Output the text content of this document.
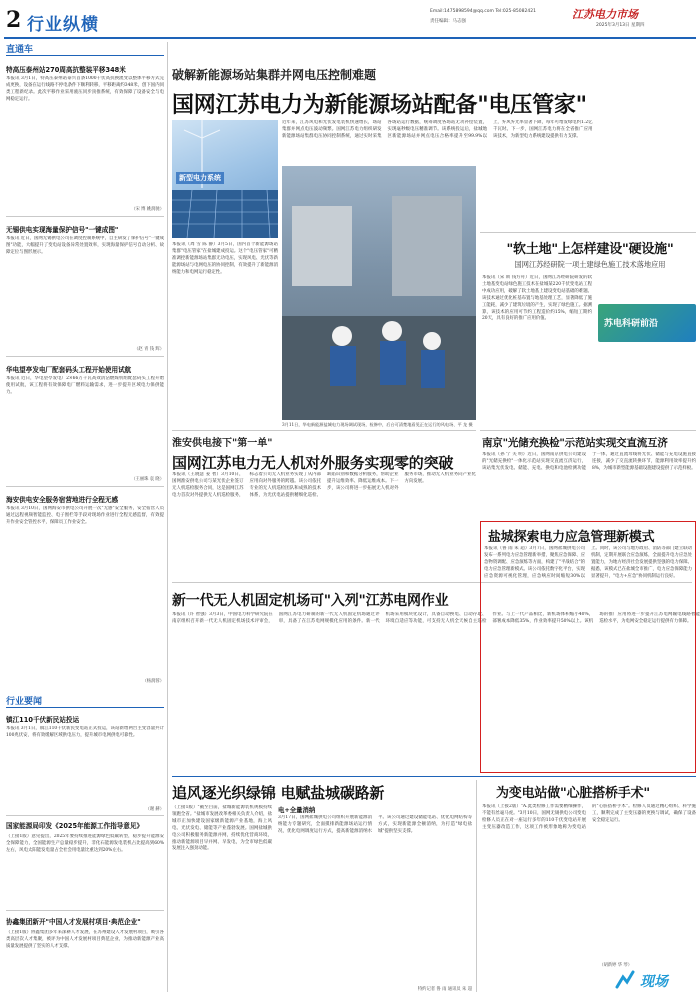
2 行业纵横
Email:1475898594@qq.com Tel:025-85082421
责任编辑：马志强
江苏电力市场
2025年3月13日 星期四
直通车
特高压泰州站270周高抗整装平移348米
本报讯 3月1日，特高压泰州站泰兴首条1000千伏高抗换流变以整体平移方式完成更换，设备在运行线路不停电条件下顺利转移，平移距离约348米，创下国内同类工程新纪录。此次平移作业采用液压同步顶推系统，有效保障了设备安全与电网稳定运行。
（宋 博 姚润驰）
无锡供电实现海量保护信号"一键成图"
本报讯 近日，国网无锡供电公司在调度控制系统中，自主研发了保护信号"一键成图"功能，大幅提升了变电站设备异常处置效率，实现海量保护信号自动分析、故障定位与图形展示。
（赵 青 钱 辉）
华电望亭发电厂配套码头工程开始使用试航
本报讯 近日，华电望亭发电厂2×66万千瓦高效清洁燃煤机组配套码头工程开始使用试航，该工程将有效保障电厂燃料运输需求，进一步提升区域电力保供能力。
（王丽珠 袁 晓）
海安供电安全服务宿营地进行全程无感
本报讯 3月10日，国网海安市供电公司开展一次"无感"安全服务，安全宿营人员通过远程视频智能监控、电子围栏等手段对现场作业进行全程无感监督，有效提升作业安全管控水平，保障员工作业安全。
（杨润蓉）
行业要闻
镇江110千伏新民站投运
本报讯 3月1日，镇江110千伏新民变电站正式投运，该站新增两台主变容量共计100兆伏安，将有效缓解区域供电压力，提升城市电网供电可靠性。
（谢 赫）
国家能源局印发《2025年能源工作指导意见》
（上接1版）意见提出，2025年要持续推进能源绿色低碳转型，稳步提升能源安全保障能力，全国能源生产总量稳步提升，非化石能源发电装机占比提高到60%左右，风电太阳能发电量占全社会用电量比重达到20%左右。
协鑫集团新开"中国人才发展村项目·典范企业"
（上接1版）协鑫集团多年来深耕人才发展，在苏州建设人才发展村项目，吸引各类高层次人才集聚，被评为中国人才发展村项目典范企业，为推动新能源产业高质量发展提供了坚实的人才支撑。
破解新能源场站集群并网电压控制难题
国网江苏电力为新能源场站配备"电压管家"
新型电力系统
本报讯（周 雪 陈 静）3月5日，国内首个新能源场站集群"电压管家"在盐城建成投运。这个"电压管家"可精准调控新能源场站集群无功电压，实现风电、光伏等新能源场站与电网电压的协同控制，有效提升了新能源消纳能力和电网运行稳定性。
近年来，江苏风电和光伏发电装机快速增长，场站集群并网点电压波动频繁。国网江苏电力组织研发新能源场站集群电压协同控制系统，通过实时采集各场站运行数据，统筹调度各场站无功补偿装置，实现毫秒级电压精准调节。该系统投运后，盐城地区新能源场站并网点电压合格率提升至99.9%以上，弃风弃光率显著下降，每年可增发绿电约1.2亿千瓦时。下一步，国网江苏电力将在全省推广应用该技术，为新型电力系统建设提供有力支撑。
3月11日，华电新能源盐城电力现场调试现场，检修中，后台可清楚地看见正在运行的风电场、平 龙 摄
"软土地"上怎样建设"硬设施"
国网江苏经研院一项土建绿色施工技术落地应用
本报讯（宋 斯 钱方舟）近日，国网江苏经研院研发的软土地基变电站绿色施工技术在盐城某220千伏变电站工程中成功应用，破解了软土地基上建设变电站基础的难题。该技术通过优化桩基布置与地基处理工艺，显著降低了施工能耗，减少了建筑垃圾的产生，实现了绿色施工。据测算，该技术的应用可节约工程造价约15%，缩短工期约20天，具有良好的推广应用价值。
苏电科研前沿
南京"光储充换检"示范站实现交直流互济
本报讯（孙 宁 关 明）近日，国网南京供电公司建设的"光储充换检"一体化示范站实现交直流互济运行，该站集光伏发电、储能、充电、换电和电池检测功能于一体，通过直流母线将光伏、储能与充电设施直接连接，减少了交直流转换环节，能源利用效率提升约8%，为城市新型能源基础设施建设提供了示范样板。
淮安供电接下"第一单"
国网江苏电力无人机对外服务实现零的突破
本报讯（王晓慧 姜 智）3月10日，国网淮安供电公司与某光伏企业签订无人机巡检服务合同，这是国网江苏电力首次对外提供无人机巡检服务，标志着公司无人机业务实现了从内部应用向对外服务的跨越。该公司依托专业的无人机巡检团队和成熟的技术体系，为光伏电站提供精细化巡检、缺陷识别和数据分析服务，帮助企业提升运维效率、降低运维成本。下一步，该公司将进一步拓展无人机对外服务市场，推动无人机业务向产业化方向发展。
新一代无人机固定机场可"入列"江苏电网作业
本报讯（许 智强）3月3日，中国电力科学研究院在南京组织召开新一代无人机固定机场技术评审会，国网江苏电力研制的新一代无人机固定机场通过评审，具备了在江苏电网规模化应用的条件。新一代机场采用模块化设计，具备自动换电、自动存取、环境自适应等功能，可支持无人机全天候自主巡检作业。与上一代产品相比，新机场体积缩小40%，部署成本降低35%，作业效率提升50%以上。该机场的推广应用将进一步提升江苏电网输电线路智能巡检水平，为电网安全稳定运行提供有力保障。
盐城探索电力应急管理新模式
本报讯（鲁 雨 朱 超）3月7日，国网盐城供电公司发布一系列电力应急管理新举措，聚焦应急保障、应急物资调配、应急演练等方面，构建了"平战结合"的电力应急管理新模式。该公司依托数字化平台，实现应急资源可视化管理，应急响应时间缩短30%以上。同时，该公司与地方政府、消防等部门建立联动机制，定期开展联合应急演练，全面提升电力应急处置能力，为地方经济社会发展提供坚强的电力保障。据悉，该模式已在盐城全市推广，电力应急保障能力显著提升，"电力+应急"协同机制运行良好。
追风逐光织绿锦 电赋盐城碳路新
（上接1版）"截至目前，盐城新能源装机规模持续领跑全省。"盐城市发展改革委相关负责人介绍，盐城市正加快建设国家级新能源产业基地，海上风电、光伏发电、储能等产业蓬勃发展。国网盐城供电公司积极服务新能源并网，持续优化营商环境，推动新能源项目早并网、早发电，为全市绿色低碳发展注入强劲动能。
电+全量消纳
3月17日，国网盐城供电公司组织开展新能源消纳能力专题研究，全面摸排新能源场站运行情况，优化电网调度运行方式，提高新能源消纳水平。该公司通过建设储能电站、优化电网结构等方式，实现新能源全额消纳，为打造"绿电盐城"提供坚实支撑。
特约记者 鲁 雨 通讯员 朱 超
为变电站做"心脏搭桥手术"
本报讯（上接2版）"A.此类检修工作需要精细操作，不能有丝毫马虎。"3月10日，国网无锡供电公司变电检修人员正在对一座运行多年的110千伏变电站开展主变压器改造工作，这项工作被形象地称为变电站的"心脏搭桥手术"。检修人员通过精心组织、科学施工，顺利完成了主变压器的更换与调试，确保了设备安全稳定运行。
（胡新婷 华 琴）
现场
